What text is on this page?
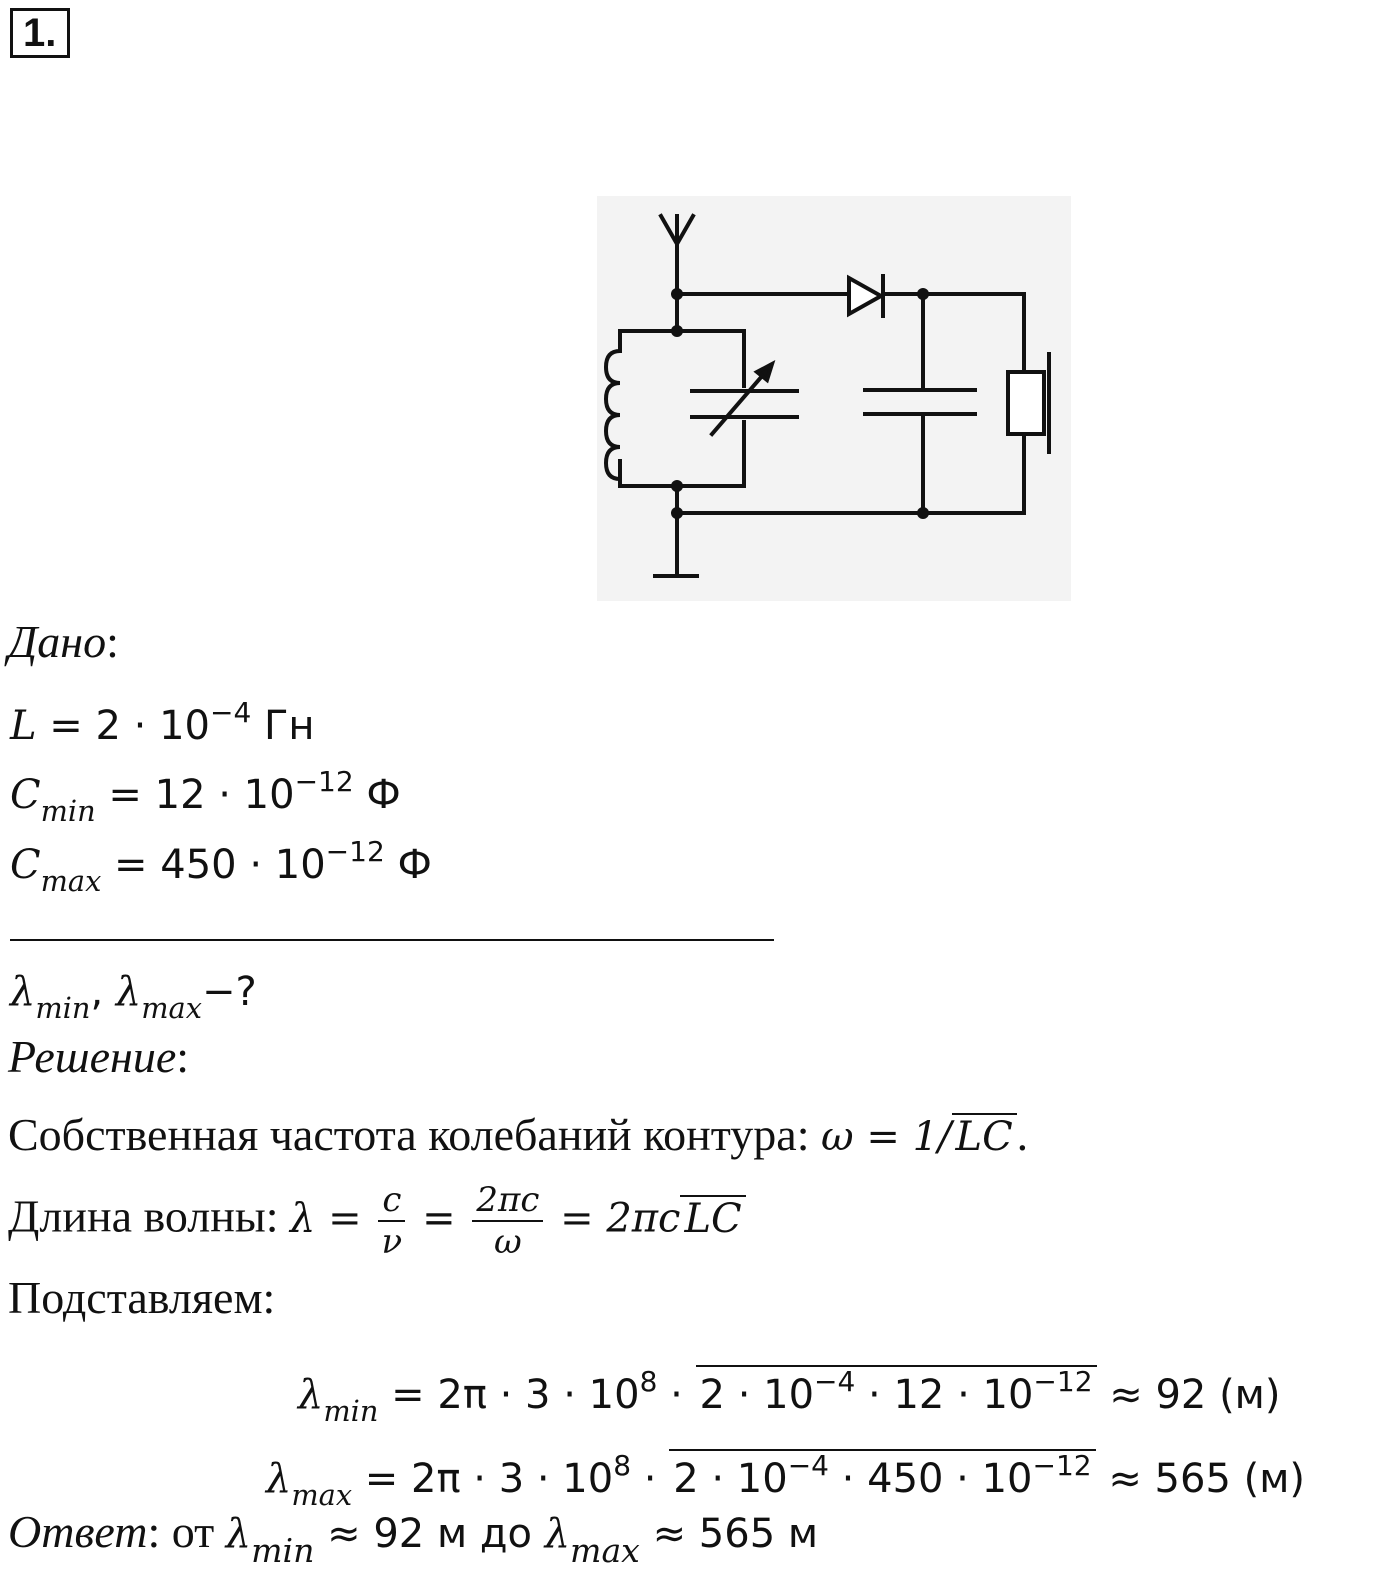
1.
Дано:
$L = 2 \cdot 10^{-4}$ Гн
$C_{min} = 12 \cdot 10^{-12}$ Ф
$C_{max} = 450 \cdot 10^{-12}$ Ф
$\lambda_{min}$, $\lambda_{max}-$?
Решение:
Собственная частота колебаний контура: ω = 1/ LC.
Длина волны: $\lambda = \frac{c}{\nu} = \frac{2\pi c}{\omega} = 2\pi c$ LC
Подставляем:
$\lambda_{min} = 2\pi \cdot 3 \cdot 10^8 \cdot 2 \cdot 10^{-4} \cdot 12 \cdot 10^{-12} \approx 92$ (м)
$\lambda_{max} = 2\pi \cdot 3 \cdot 10^8 \cdot 2 \cdot 10^{-4} \cdot 450 \cdot 10^{-12} \approx 565$ (м)
Ответ: от $\lambda_{min} \approx 92$ м до $\lambda_{max} \approx 565$ м
